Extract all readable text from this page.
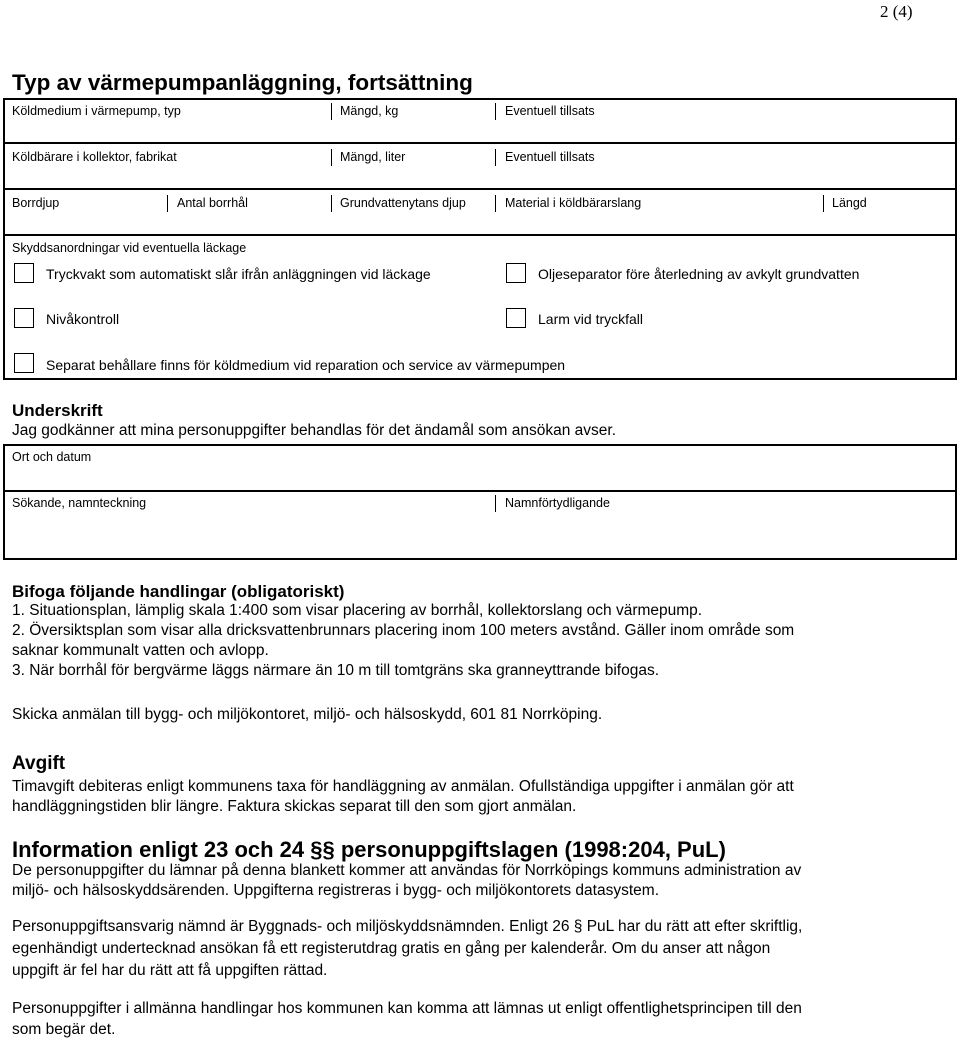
2 (4)
Typ av värmepumpanläggning, fortsättning
Köldmedium i värmepump, typ	Mängd, kg	Eventuell tillsats
Köldbärare i kollektor, fabrikat	Mängd, liter	Eventuell tillsats
Borrdjup	Antal borrhål	Grundvattenytans djup	Material i köldbärarslang	Längd
Skyddsanordningar vid eventuella läckage
Tryckvakt som automatiskt slår ifrån anläggningen vid läckage	Oljeseparator före återledning av avkylt grundvatten
Nivåkontroll	Larm vid tryckfall
Separat behållare finns för köldmedium vid reparation och service av värmepumpen
Underskrift
Jag godkänner att mina personuppgifter behandlas för det ändamål som ansökan avser.
Ort och datum
Sökande, namnteckning	Namnförtydligande
Bifoga följande handlingar (obligatoriskt)
1. Situationsplan, lämplig skala 1:400 som visar placering av borrhål, kollektorslang och värmepump.
2. Översiktsplan som visar alla dricksvattenbrunnars placering inom 100 meters avstånd. Gäller inom område som
saknar kommunalt vatten och avlopp.
3. När borrhål för bergvärme läggs närmare än 10 m till tomtgräns ska granneyttrande bifogas.
Skicka anmälan till bygg- och miljökontoret, miljö- och hälsoskydd, 601 81 Norrköping.
Avgift
Timavgift debiteras enligt kommunens taxa för handläggning av anmälan. Ofullständiga uppgifter i anmälan gör att
handläggningstiden blir längre. Faktura skickas separat till den som gjort anmälan.
Information enligt 23 och 24 §§ personuppgiftslagen (1998:204, PuL)
De personuppgifter du lämnar på denna blankett kommer att användas för Norrköpings kommuns administration av
miljö- och hälsoskyddsärenden. Uppgifterna registreras i bygg- och miljökontorets datasystem.
Personuppgiftsansvarig nämnd är Byggnads- och miljöskyddsnämnden. Enligt 26 § PuL har du rätt att efter skriftlig,
egenhändigt undertecknad ansökan få ett registerutdrag gratis en gång per kalenderår. Om du anser att någon
uppgift är fel har du rätt att få uppgiften rättad.
Personuppgifter i allmänna handlingar hos kommunen kan komma att lämnas ut enligt offentlighetsprincipen till den
som begär det.
